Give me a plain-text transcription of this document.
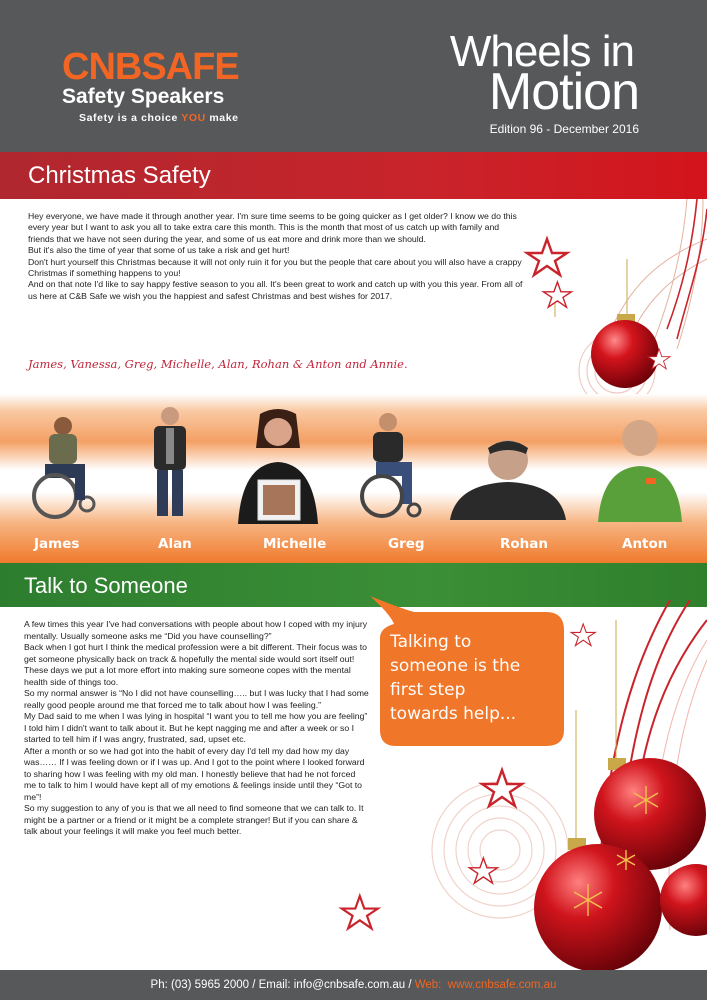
CNBSAFE
Safety Speakers
Safety is a choice YOU make
Wheels in
Motion
Edition 96 - December 2016
Christmas Safety

Hey everyone, we have made it through another year. I'm sure time seems to be going quicker as I get older? I know we do this every year but I want to ask you all to take extra care this month. This is the month that most of us catch up with family and friends that we have not seen during the year, and some of us eat more and drink more than we should.

But it's also the time of year that some of us take a risk and get hurt!

Don't hurt yourself this Christmas because it will not only ruin it for you but the people that care about you will also have a crappy Christmas if something happens to you!

And on that note I'd like to say happy festive season to you all. It's been great to work and catch up with you this year. From all of us here at C&B Safe we wish you the happiest and safest Christmas and best wishes for 2017.

James, Vanessa, Greg, Michelle, Alan, Rohan & Anton and Annie.
James	Alan	Michelle	Greg	Rohan	Anton
Talk to Someone
Talking to
someone is the
first step
towards help...

A few times this year I've had conversations with people about how I coped with my injury mentally. Usually someone asks me “Did you have counselling?”

Back when I got hurt I think the medical profession were a bit different. Their focus was to get someone physically back on track & hopefully the mental side would sort itself out!

These days we put a lot more effort into making sure someone copes with the mental health side of things too.

So my normal answer is “No I did not have counselling….. but I was lucky that I had some really good people around me that forced me to talk about how I was feeling.”

My Dad said to me when I was lying in hospital “I want you to tell me how you are feeling” I told him I didn't want to talk about it. But he kept nagging me and after a week or so I started to tell him if I was angry, frustrated, sad, upset etc.

After a month or so we had got into the habit of every day I'd tell my dad how my day was…… If I was feeling down or if I was up. And I got to the point where I looked forward to sharing how I was feeling with my old man. I honestly believe that had he not forced me to talk to him I would have kept all of my emotions & feelings inside until they “Got to me”!

So my suggestion to any of you is that we all need to find someone that we can talk to. It might be a partner or a friend or it might be a complete stranger! But if you can share & talk about your feelings it will make you feel much better.

Ph: (03) 5965 2000 / Email: info@cnbsafe.com.au / Web: www.cnbsafe.com.au
